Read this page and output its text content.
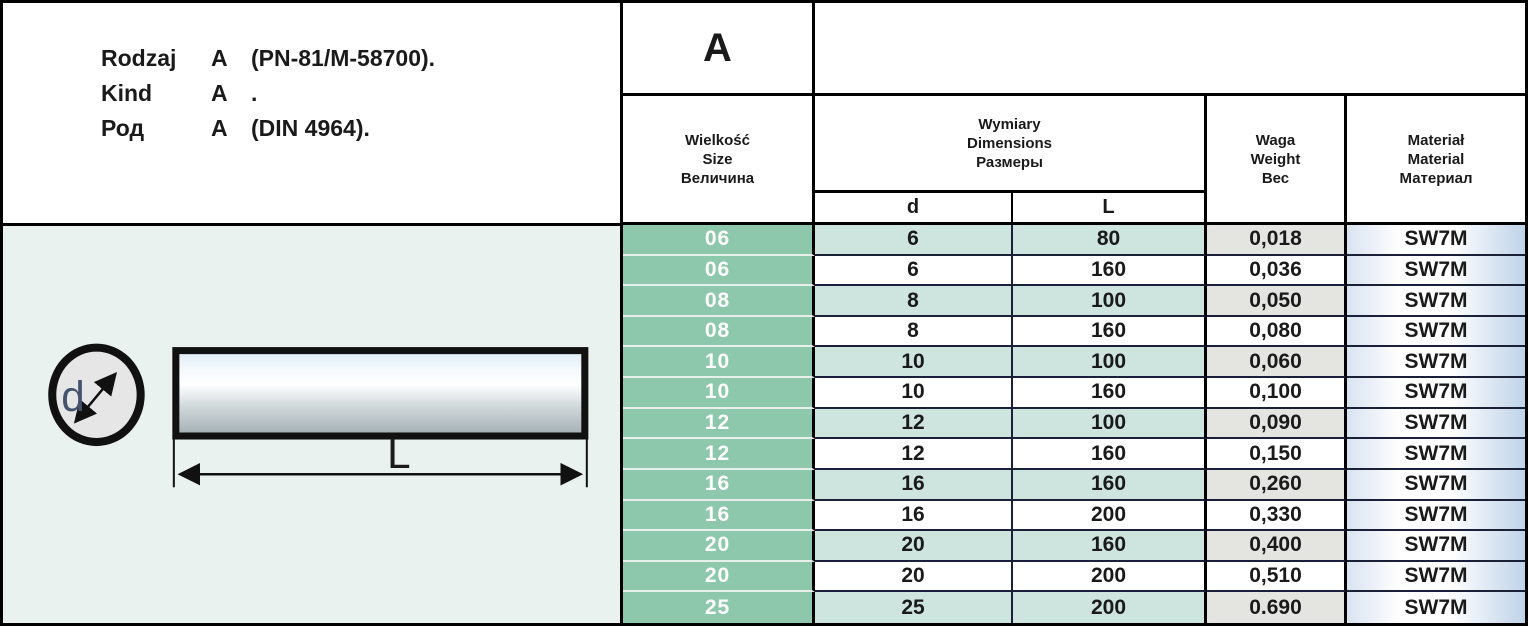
Rodzaj A (PN-81/M-58700).
Kind	A .
Род	A (DIN 4964).
d
L
A
Wielkość
Size
Величина
Wymiary
Dimensions
Размеры
d	L
Waga
Weight
Вес
Materiał
Material
Материал
06	6	80	0,018	SW7M
06	6	160	0,036	SW7M
08	8	100	0,050	SW7M
08	8	160	0,080	SW7M
10	10	100	0,060	SW7M
10	10	160	0,100	SW7M
12	12	100	0,090	SW7M
12	12	160	0,150	SW7M
16	16	160	0,260	SW7M
16	16	200	0,330	SW7M
20	20	160	0,400	SW7M
20	20	200	0,510	SW7M
25	25	200	0.690	SW7M
